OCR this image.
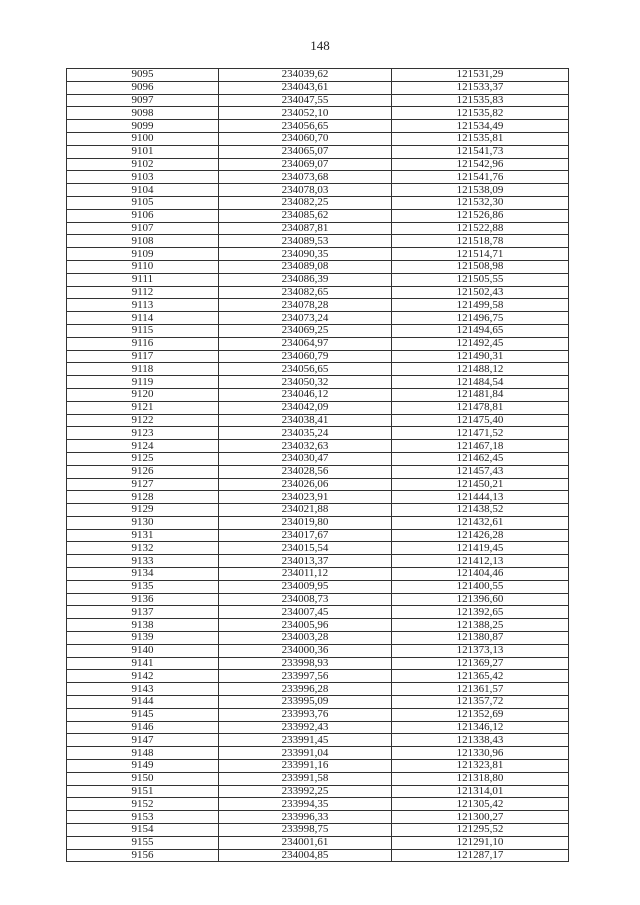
148
9095	234039,62	121531,29
9096	234043,61	121533,37
9097	234047,55	121535,83
9098	234052,10	121535,82
9099	234056,65	121534,49
9100	234060,70	121535,81
9101	234065,07	121541,73
9102	234069,07	121542,96
9103	234073,68	121541,76
9104	234078,03	121538,09
9105	234082,25	121532,30
9106	234085,62	121526,86
9107	234087,81	121522,88
9108	234089,53	121518,78
9109	234090,35	121514,71
9110	234089,08	121508,98
9111	234086,39	121505,55
9112	234082,65	121502,43
9113	234078,28	121499,58
9114	234073,24	121496,75
9115	234069,25	121494,65
9116	234064,97	121492,45
9117	234060,79	121490,31
9118	234056,65	121488,12
9119	234050,32	121484,54
9120	234046,12	121481,84
9121	234042,09	121478,81
9122	234038,41	121475,40
9123	234035,24	121471,52
9124	234032,63	121467,18
9125	234030,47	121462,45
9126	234028,56	121457,43
9127	234026,06	121450,21
9128	234023,91	121444,13
9129	234021,88	121438,52
9130	234019,80	121432,61
9131	234017,67	121426,28
9132	234015,54	121419,45
9133	234013,37	121412,13
9134	234011,12	121404,46
9135	234009,95	121400,55
9136	234008,73	121396,60
9137	234007,45	121392,65
9138	234005,96	121388,25
9139	234003,28	121380,87
9140	234000,36	121373,13
9141	233998,93	121369,27
9142	233997,56	121365,42
9143	233996,28	121361,57
9144	233995,09	121357,72
9145	233993,76	121352,69
9146	233992,43	121346,12
9147	233991,45	121338,43
9148	233991,04	121330,96
9149	233991,16	121323,81
9150	233991,58	121318,80
9151	233992,25	121314,01
9152	233994,35	121305,42
9153	233996,33	121300,27
9154	233998,75	121295,52
9155	234001,61	121291,10
9156	234004,85	121287,17
